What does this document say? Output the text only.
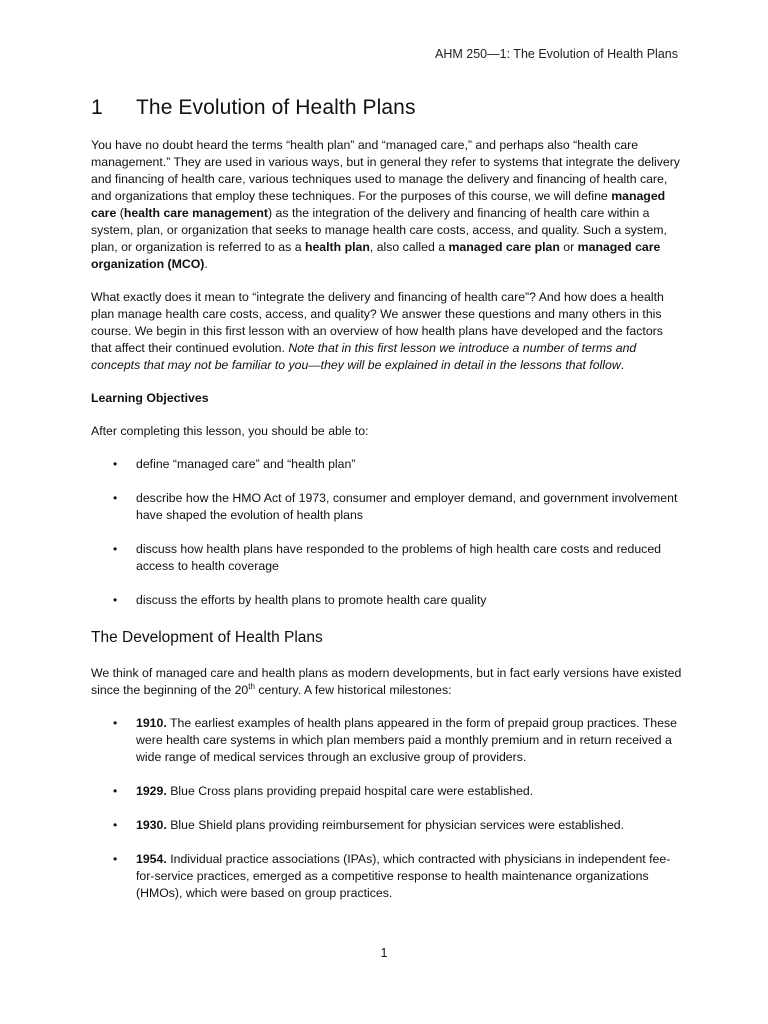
AHM 250—1: The Evolution of Health Plans
1 The Evolution of Health Plans

You have no doubt heard the terms “health plan” and “managed care,” and perhaps also “health care management.” They are used in various ways, but in general they refer to systems that integrate the delivery and financing of health care, various techniques used to manage the delivery and financing of health care, and organizations that employ these techniques. For the purposes of this course, we will define managed care (health care management) as the integration of the delivery and financing of health care within a system, plan, or organization that seeks to manage health care costs, access, and quality. Such a system, plan, or organization is referred to as a health plan, also called a managed care plan or managed care organization (MCO).

What exactly does it mean to “integrate the delivery and financing of health care”? And how does a health plan manage health care costs, access, and quality? We answer these questions and many others in this course. We begin in this first lesson with an overview of how health plans have developed and the factors that affect their continued evolution. Note that in this first lesson we introduce a number of terms and concepts that may not be familiar to you—they will be explained in detail in the lessons that follow.

Learning Objectives

After completing this lesson, you should be able to:

• define “managed care” and “health plan”
• describe how the HMO Act of 1973, consumer and employer demand, and government involvement have shaped the evolution of health plans
• discuss how health plans have responded to the problems of high health care costs and reduced access to health coverage
• discuss the efforts by health plans to promote health care quality
The Development of Health Plans

We think of managed care and health plans as modern developments, but in fact early versions have existed since the beginning of the 20th century. A few historical milestones:

• 1910. The earliest examples of health plans appeared in the form of prepaid group practices. These were health care systems in which plan members paid a monthly premium and in return received a wide range of medical services through an exclusive group of providers.
• 1929. Blue Cross plans providing prepaid hospital care were established.
• 1930. Blue Shield plans providing reimbursement for physician services were established.
• 1954. Individual practice associations (IPAs), which contracted with physicians in independent fee-for-service practices, emerged as a competitive response to health maintenance organizations (HMOs), which were based on group practices.
1
